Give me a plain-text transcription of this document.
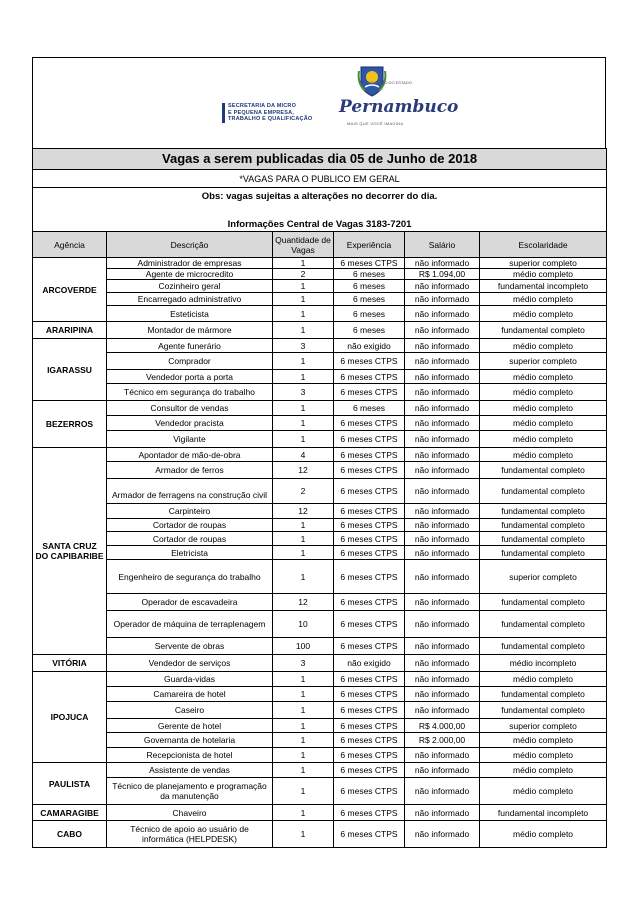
SECRETARIA DA MICRO
E PEQUENA EMPRESA,
TRABALHO E QUALIFICAÇÃO
GOVERNO DO ESTADO
Pernambuco
MAIS QUE VOCÊ IMAGINA
Vagas a serem publicadas dia 05 de Junho de 2018					
*VAGAS PARA O PUBLICO EM GERAL					
Obs: vagas sujeitas a alterações no decorrer do dia.					

Informações Central de Vagas 3183-7201					
Agência	Descrição	Quantidade de Vagas	Experiência	Salário	Escolaridade
ARCOVERDE	Administrador de empresas	1	6 meses CTPS	não informado	superior completo
	Agente de microcredito	2	6 meses	R$ 1.094,00	médio completo
	Cozinheiro geral	1	6 meses	não informado	fundamental incompleto
	Encarregado administrativo	1	6 meses	não informado	médio completo
	Esteticista	1	6 meses	não informado	médio completo
ARARIPINA	Montador de mármore	1	6 meses	não informado	fundamental completo
IGARASSU	Agente funerário	3	não exigido	não informado	médio completo
	Comprador	1	6 meses CTPS	não informado	superior completo
	Vendedor porta a porta	1	6 meses CTPS	não informado	médio completo
	Técnico em segurança do trabalho	3	6 meses CTPS	não informado	médio completo
BEZERROS	Consultor de vendas	1	6 meses	não informado	médio completo
	Vendedor pracista	1	6 meses CTPS	não informado	médio completo
	Vigilante	1	6 meses CTPS	não informado	médio completo
SANTA CRUZ DO CAPIBARIBE	Apontador de mão-de-obra	4	6 meses CTPS	não informado	médio completo
	Armador de ferros	12	6 meses CTPS	não informado	fundamental completo
	Armador de ferragens na construção civil	2	6 meses CTPS	não informado	fundamental completo
	Carpinteiro	12	6 meses CTPS	não informado	fundamental completo
	Cortador de roupas	1	6 meses CTPS	não informado	fundamental completo
	Cortador de roupas	1	6 meses CTPS	não informado	fundamental completo
	Eletricista	1	6 meses CTPS	não informado	fundamental completo
	Engenheiro de segurança do trabalho	1	6 meses CTPS	não informado	superior completo
	Operador de escavadeira	12	6 meses CTPS	não informado	fundamental completo
	Operador de máquina de terraplenagem	10	6 meses CTPS	não informado	fundamental completo
	Servente de obras	100	6 meses CTPS	não informado	fundamental completo
VITÓRIA	Vendedor de serviços	3	não exigido	não informado	médio incompleto
IPOJUCA	Guarda-vidas	1	6 meses CTPS	não informado	médio completo
	Camareira de hotel	1	6 meses CTPS	não informado	fundamental completo
	Caseiro	1	6 meses CTPS	não informado	fundamental completo
	Gerente de hotel	1	6 meses CTPS	R$ 4.000,00	superior completo
	Governanta de hotelaria	1	6 meses CTPS	R$ 2.000,00	médio completo
	Recepcionista de hotel	1	6 meses CTPS	não informado	médio completo
PAULISTA	Assistente de vendas	1	6 meses CTPS	não informado	médio completo
	Técnico de planejamento e programação da manutenção	1	6 meses CTPS	não informado	médio completo
CAMARAGIBE	Chaveiro	1	6 meses CTPS	não informado	fundamental incompleto
CABO	Técnico de apoio ao usuário de informática (HELPDESK)	1	6 meses CTPS	não informado	médio completo
